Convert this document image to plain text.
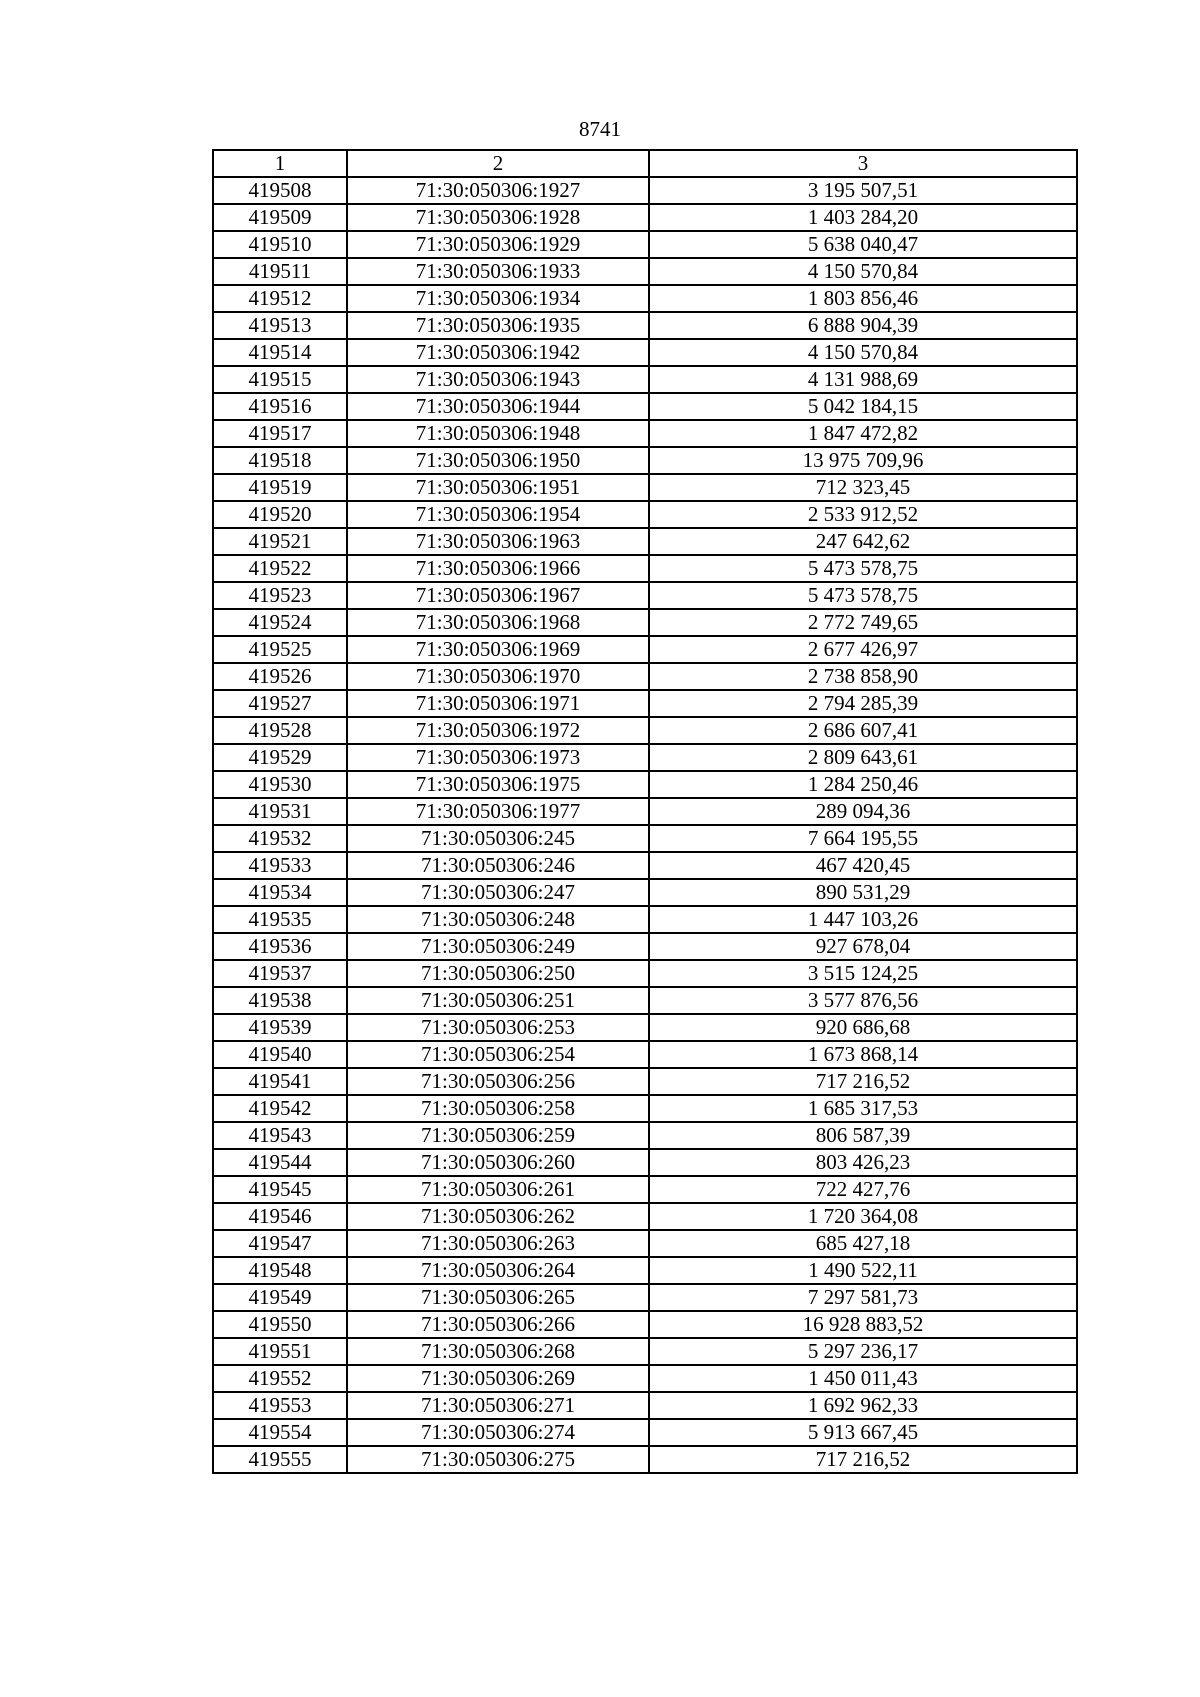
8741
1	2	3
419508	71:30:050306:1927	3 195 507,51
419509	71:30:050306:1928	1 403 284,20
419510	71:30:050306:1929	5 638 040,47
419511	71:30:050306:1933	4 150 570,84
419512	71:30:050306:1934	1 803 856,46
419513	71:30:050306:1935	6 888 904,39
419514	71:30:050306:1942	4 150 570,84
419515	71:30:050306:1943	4 131 988,69
419516	71:30:050306:1944	5 042 184,15
419517	71:30:050306:1948	1 847 472,82
419518	71:30:050306:1950	13 975 709,96
419519	71:30:050306:1951	712 323,45
419520	71:30:050306:1954	2 533 912,52
419521	71:30:050306:1963	247 642,62
419522	71:30:050306:1966	5 473 578,75
419523	71:30:050306:1967	5 473 578,75
419524	71:30:050306:1968	2 772 749,65
419525	71:30:050306:1969	2 677 426,97
419526	71:30:050306:1970	2 738 858,90
419527	71:30:050306:1971	2 794 285,39
419528	71:30:050306:1972	2 686 607,41
419529	71:30:050306:1973	2 809 643,61
419530	71:30:050306:1975	1 284 250,46
419531	71:30:050306:1977	289 094,36
419532	71:30:050306:245	7 664 195,55
419533	71:30:050306:246	467 420,45
419534	71:30:050306:247	890 531,29
419535	71:30:050306:248	1 447 103,26
419536	71:30:050306:249	927 678,04
419537	71:30:050306:250	3 515 124,25
419538	71:30:050306:251	3 577 876,56
419539	71:30:050306:253	920 686,68
419540	71:30:050306:254	1 673 868,14
419541	71:30:050306:256	717 216,52
419542	71:30:050306:258	1 685 317,53
419543	71:30:050306:259	806 587,39
419544	71:30:050306:260	803 426,23
419545	71:30:050306:261	722 427,76
419546	71:30:050306:262	1 720 364,08
419547	71:30:050306:263	685 427,18
419548	71:30:050306:264	1 490 522,11
419549	71:30:050306:265	7 297 581,73
419550	71:30:050306:266	16 928 883,52
419551	71:30:050306:268	5 297 236,17
419552	71:30:050306:269	1 450 011,43
419553	71:30:050306:271	1 692 962,33
419554	71:30:050306:274	5 913 667,45
419555	71:30:050306:275	717 216,52
